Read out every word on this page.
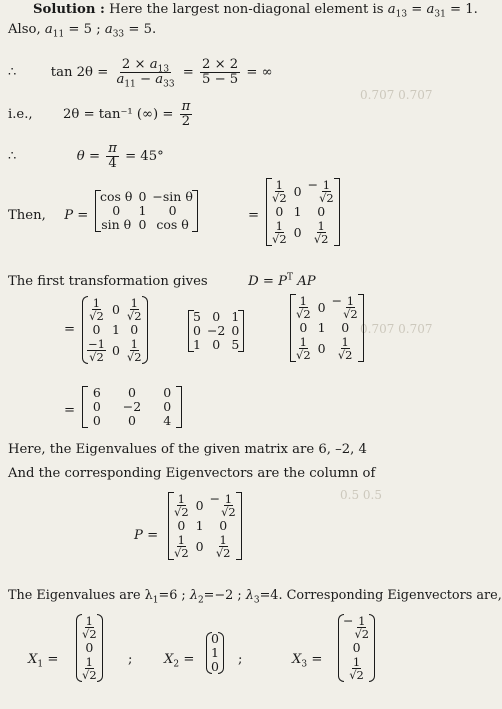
0.707 0.707
0.707 0.707
0.5 0.5
Solution : Here the largest non-diagonal element is $a_{13} = a_{31} = 1$.
Also, $a_{11} = 5$ ; $a_{33} = 5$.
∴	$\tan 2\theta = \frac{2 \times a_{13}}{a_{11} - a_{33}} = \frac{2 \times 2}{5 - 5}$ = ∞
i.e., 2θ = tan⁻¹ (∞) = $\frac{\pi}{2}$
∴	$\theta = \frac{\pi}{4} = 45^\circ$
Then, P =
cos θ	0	−sin θ
0	1	0
sin θ	0	cos θ
=
$\frac{1}{√2}$	0	− $\frac{1}{√2}$

0	1	0

$\frac{1}{√2}$	0	$\frac{1}{√2}$
The first transformation gives	$D = P^T$ AP
=
$\frac{1}{√2}$	0	$\frac{1}{√2}$

0	1	0

$\frac{-1}{√2}$	0	$\frac{1}{√2}$
5	0	1
0	−2	0
1	0	5
$\frac{1}{√2}$	0	− $\frac{1}{√2}$

0	1	0

$\frac{1}{√2}$	0	$\frac{1}{√2}$
=
6	0	0
0	−2	0
0	0	4
Here, the Eigenvalues of the given matrix are 6, –2, 4
And the corresponding Eigenvectors are the column of
P =
$\frac{1}{√2}$	0	− $\frac{1}{√2}$

0	1	0

$\frac{1}{√2}$	0	$\frac{1}{√2}$
The Eigenvalues are $\lambda_1=6$ ; $\lambda_2=-2$ ; $\lambda_3=4$. Corresponding Eigenvectors are,
$X_1$ =
$\frac{1}{√2}$

0

$\frac{1}{√2}$ ; $X_2$ =
0
1
0 ;	$X_3$ =
− $\frac{1}{√2}$

0

$\frac{1}{√2}$
